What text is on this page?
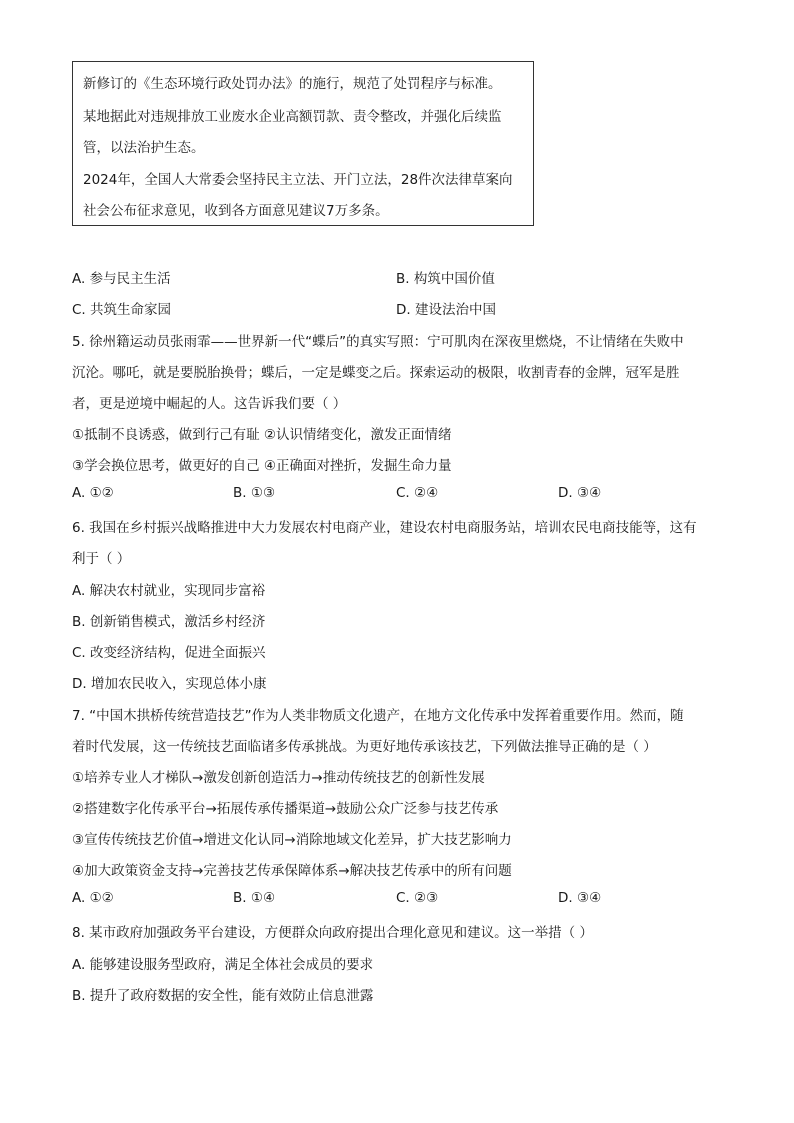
新修订的《生态环境行政处罚办法》的施行，规范了处罚程序与标准。

某地据此对违规排放工业废水企业高额罚款、责令整改，并强化后续监

管，以法治护生态。

2024年，全国人大常委会坚持民主立法、开门立法，28件次法律草案向

社会公布征求意见，收到各方面意见建议7万多条。

A. 参与民主生活	B. 构筑中国价值

C. 共筑生命家园	D. 建设法治中国

5. 徐州籍运动员张雨霏——世界新一代“蝶后”的真实写照：宁可肌肉在深夜里燃烧，不让情绪在失败中

沉沦。哪吒，就是要脱胎换骨；蝶后，一定是蝶变之后。探索运动的极限，收割青春的金牌，冠军是胜

者，更是逆境中崛起的人。这告诉我们要（ ）

①抵制不良诱惑，做到行己有耻 ②认识情绪变化，激发正面情绪

③学会换位思考，做更好的自己 ④正确面对挫折，发掘生命力量

A. ①②	B. ①③	C. ②④	D. ③④

6. 我国在乡村振兴战略推进中大力发展农村电商产业，建设农村电商服务站，培训农民电商技能等，这有

利于（ ）

A. 解决农村就业，实现同步富裕

B. 创新销售模式，激活乡村经济

C. 改变经济结构，促进全面振兴

D. 增加农民收入，实现总体小康

7. “中国木拱桥传统营造技艺”作为人类非物质文化遗产，在地方文化传承中发挥着重要作用。然而，随

着时代发展，这一传统技艺面临诸多传承挑战。为更好地传承该技艺，下列做法推导正确的是（ ）

①培养专业人才梯队→激发创新创造活力→推动传统技艺的创新性发展

②搭建数字化传承平台→拓展传承传播渠道→鼓励公众广泛参与技艺传承

③宣传传统技艺价值→增进文化认同→消除地域文化差异，扩大技艺影响力

④加大政策资金支持→完善技艺传承保障体系→解决技艺传承中的所有问题

A. ①②	B. ①④	C. ②③	D. ③④

8. 某市政府加强政务平台建设，方便群众向政府提出合理化意见和建议。这一举措（ ）

A. 能够建设服务型政府，满足全体社会成员的要求

B. 提升了政府数据的安全性，能有效防止信息泄露
